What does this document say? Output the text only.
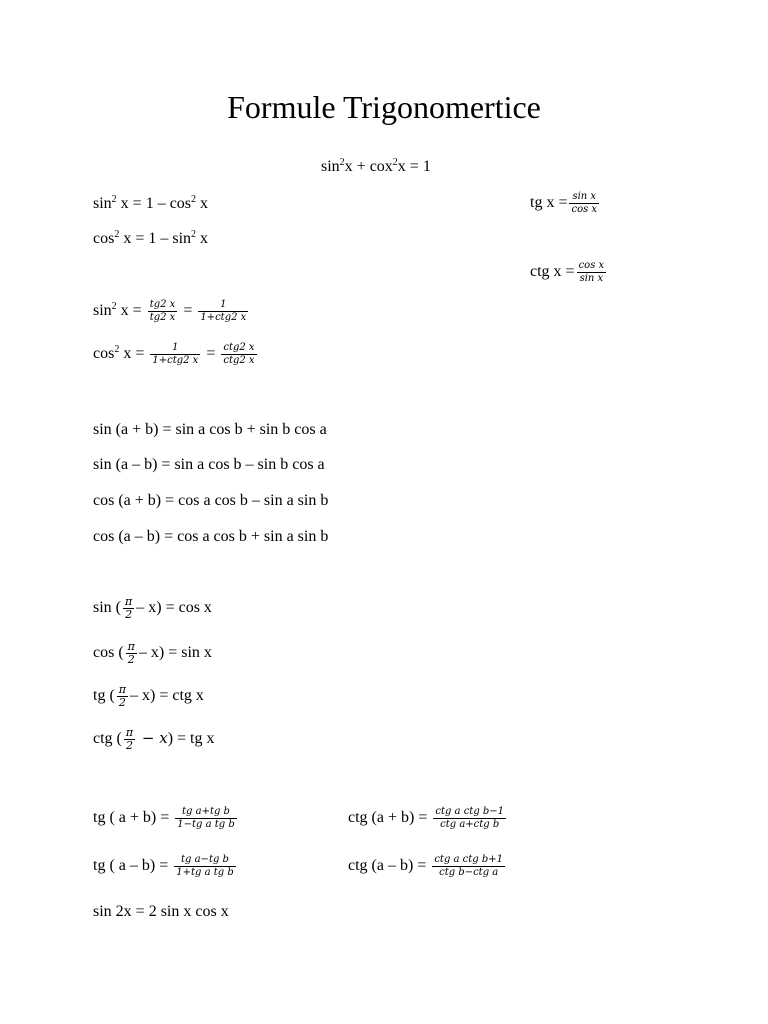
Formule Trigonomertice
$\sin^2x + cox^2x = 1$
$\sin^2 x = 1 - \cos^2 x$
$\cos^2 x = 1 - \sin^2 x$
tg $x = \frac{\text{sin x}}{\text{cos x}}$
ctg $x = \frac{\text{cos x}}{\text{sin x}}$
$\sin^2 x = \frac{tg2 x}{tg2 x} = \frac{1}{\text{1+ctg2 x}}$
$\cos^2 x = \frac{1}{\text{1+ctg2 x}} = \frac{\text{ctg2 x}}{\text{ctg2 x}}$
sin (a + b) = sin a cos b + sin b cos a
sin (a – b) = sin a cos b – sin b cos a
cos (a + b) = cos a cos b – sin a sin b
cos (a – b) = cos a cos b + sin a sin b
sin ( $\frac{\pi}{2} - x) = \cos x$
cos ( $\frac{\pi}{2} - x) = \sin x$
tg ( $\frac{\pi}{2} - x$) = ctg x
ctg ( $\frac{\pi}{2} - x$) = tg x
tg ( $a + b) = \frac{\text{tg a+tg b}}{\text{1−tg a tg b}}$	ctg $(a + b) = \frac{\text{ctg a ctg b−1}}{\text{ctg a+ctg b}}$
tg ( $a - b) = \frac{\text{tg a−tg b}}{\text{1+tg a tg b}}$	ctg $(a - b) = \frac{\text{ctg a ctg b+1}}{\text{ctg b−ctg a}}$
sin 2x = 2 sin x cos x
